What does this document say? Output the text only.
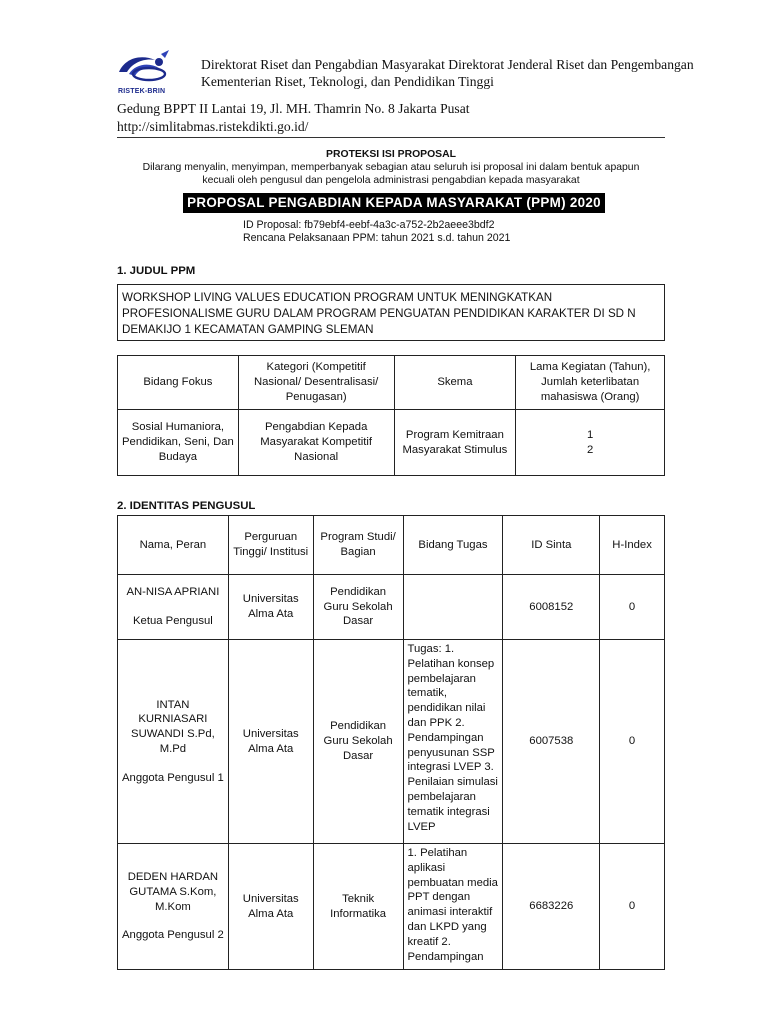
RISTEK-BRIN
Direktorat Riset dan Pengabdian Masyarakat Direktorat Jenderal Riset dan Pengembangan
Kementerian Riset, Teknologi, dan Pendidikan Tinggi
Gedung BPPT II Lantai 19, Jl. MH. Thamrin No. 8 Jakarta Pusat
http://simlitabmas.ristekdikti.go.id/
PROTEKSI ISI PROPOSAL
Dilarang menyalin, menyimpan, memperbanyak sebagian atau seluruh isi proposal ini dalam bentuk apapun
kecuali oleh pengusul dan pengelola administrasi pengabdian kepada masyarakat
PROPOSAL PENGABDIAN KEPADA MASYARAKAT (PPM) 2020
ID Proposal: fb79ebf4-eebf-4a3c-a752-2b2aeee3bdf2
Rencana Pelaksanaan PPM: tahun 2021 s.d. tahun 2021
1. JUDUL PPM
WORKSHOP LIVING VALUES EDUCATION PROGRAM UNTUK MENINGKATKAN PROFESIONALISME GURU DALAM PROGRAM PENGUATAN PENDIDIKAN KARAKTER DI SD N DEMAKIJO 1 KECAMATAN GAMPING SLEMAN
Bidang Fokus	Kategori (Kompetitif Nasional/ Desentralisasi/ Penugasan)	Skema	Lama Kegiatan (Tahun), Jumlah keterlibatan mahasiswa (Orang)
Sosial Humaniora, Pendidikan, Seni, Dan Budaya	Pengabdian Kepada Masyarakat Kompetitif Nasional	Program Kemitraan Masyarakat Stimulus	1
2
2. IDENTITAS PENGUSUL
Nama, Peran	Perguruan Tinggi/ Institusi	Program Studi/ Bagian	Bidang Tugas	ID Sinta	H-Index

AN-NISA APRIANI
Ketua Pengusul	Universitas Alma Ata	Pendidikan Guru Sekolah Dasar		6008152	0

INTAN KURNIASARI SUWANDI S.Pd, M.Pd
Anggota Pengusul 1	Universitas Alma Ata	Pendidikan Guru Sekolah Dasar	Tugas: 1. Pelatihan konsep pembelajaran tematik, pendidikan nilai dan PPK 2. Pendampingan penyusunan SSP integrasi LVEP 3. Penilaian simulasi pembelajaran tematik integrasi LVEP	6007538	0

DEDEN HARDAN GUTAMA S.Kom, M.Kom
Anggota Pengusul 2	Universitas Alma Ata	Teknik Informatika	1. Pelatihan aplikasi pembuatan media PPT dengan animasi interaktif dan LKPD yang kreatif 2. Pendampingan	6683226	0
